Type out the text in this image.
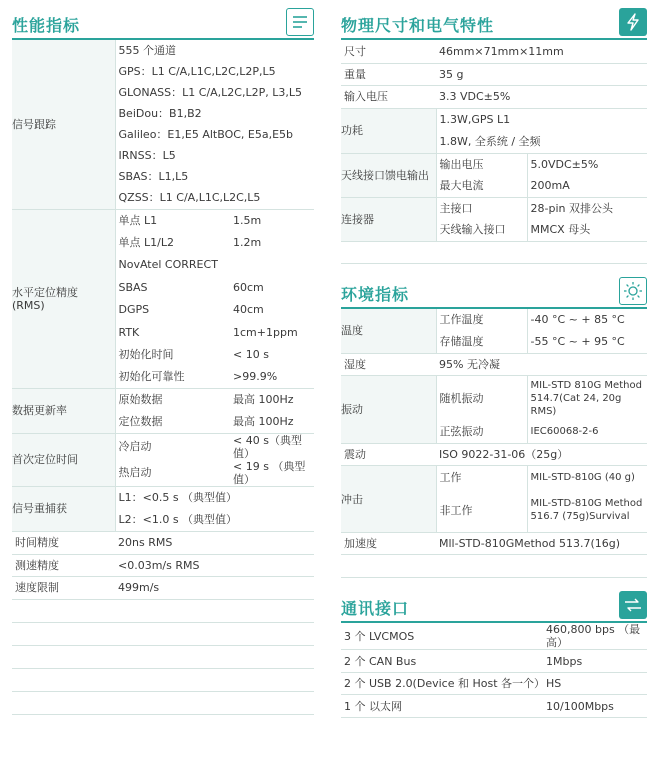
性能指标
信号跟踪	555 个通道	
	GPS：L1 C/A,L1C,L2C,L2P,L5	
	GLONASS：L1 C/A,L2C,L2P, L3,L5	
	BeiDou：B1,B2	
	Galileo：E1,E5 AltBOC, E5a,E5b	
	IRNSS：L5	
	SBAS：L1,L5	
	QZSS：L1 C/A,L1C,L2C,L5	
水平定位精度
(RMS)	单点 L1	1.5m
	单点 L1/L2	1.2m
	NovAtel CORRECT	
	SBAS	60cm
	DGPS	40cm
	RTK	1cm+1ppm
	初始化时间	< 10 s
	初始化可靠性	>99.9%
数据更新率	原始数据	最高 100Hz
	定位数据	最高 100Hz
首次定位时间	冷启动	< 40 s（典型值）
	热启动	< 19 s （典型值）
信号重捕获	L1：<0.5 s （典型值）	
	L2：<1.0 s （典型值）	
时间精度	20ns RMS	
测速精度	<0.03m/s RMS	
速度限制	499m/s	
物理尺寸和电气特性
尺寸	46mm×71mm×11mm	
重量	35 g	
输入电压	3.3 VDC±5%	
功耗	1.3W,GPS L1	
	1.8W, 全系统 / 全频	
天线接口馈电输出	输出电压	5.0VDC±5%
	最大电流	200mA
连接器	主接口	28-pin 双排公头
	天线输入接口	MMCX 母头

环境指标
温度	工作温度	-40 °C ~ + 85 °C
	存储温度	-55 °C ~ + 95 °C
湿度	95% 无冷凝	
振动	随机振动	MIL-STD 810G Method
514.7(Cat 24, 20g RMS)
	正弦振动	IEC60068-2-6
震动	ISO 9022-31-06（25g）	
冲击	工作	MIL-STD-810G (40 g)
	非工作	MIL-STD-810G Method
516.7 (75g)Survival
加速度	Mll-STD-810GMethod 513.7(16g)	

通讯接口
3 个 LVCMOS	460,800 bps （最高）
2 个 CAN Bus	1Mbps
2 个 USB 2.0(Device 和 Host 各一个）	HS
1 个 以太网	10/100Mbps
